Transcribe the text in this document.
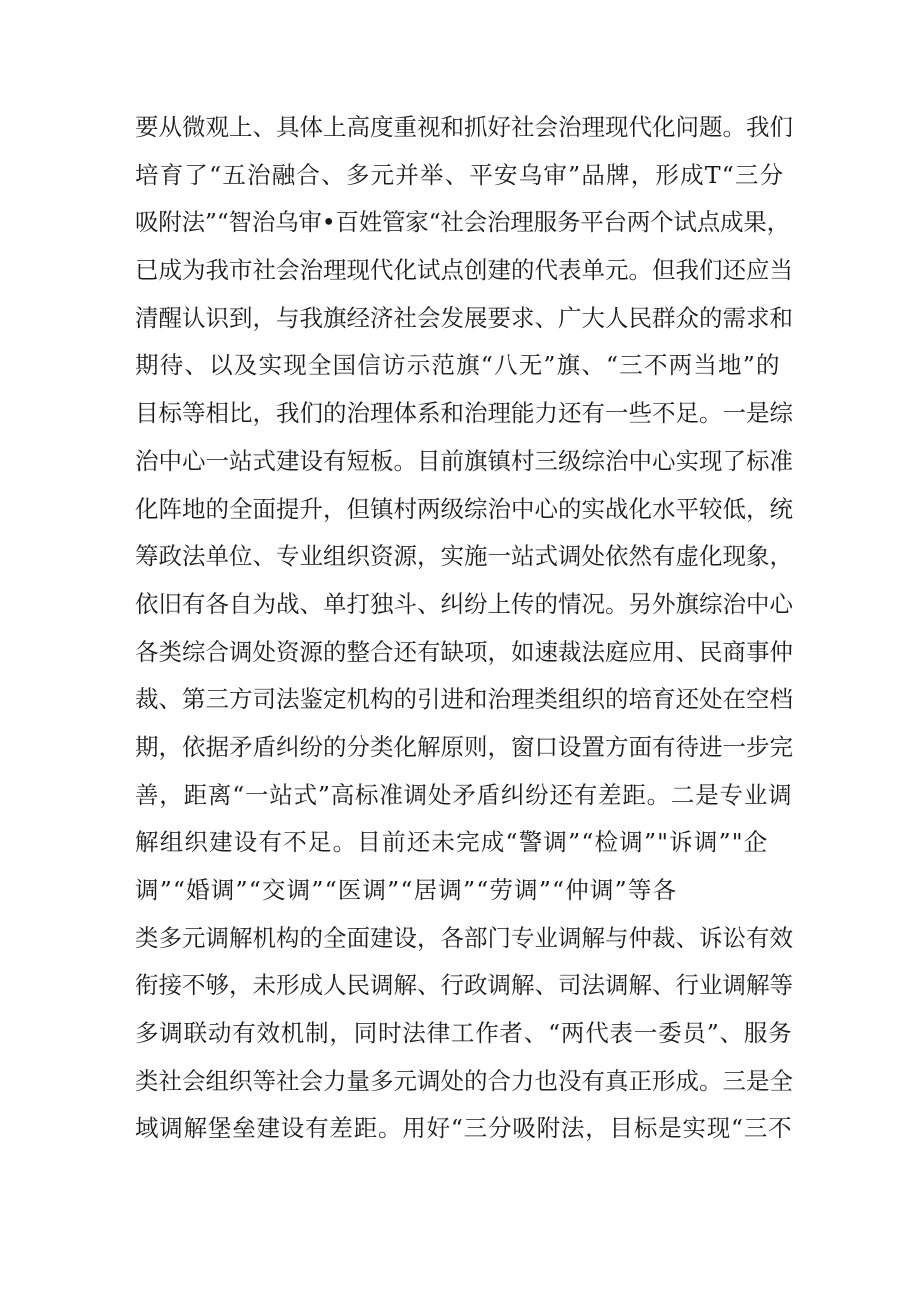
要从微观上、具体上高度重视和抓好社会治理现代化问题。我们
培育了“五治融合、多元并举、平安乌审”品牌，形成T“三分
吸附法”“智治乌审•百姓管家“社会治理服务平台两个试点成果，
已成为我市社会治理现代化试点创建的代表单元。但我们还应当
清醒认识到，与我旗经济社会发展要求、广大人民群众的需求和
期待、以及实现全国信访示范旗“八无”旗、“三不两当地”的
目标等相比，我们的治理体系和治理能力还有一些不足。一是综
治中心一站式建设有短板。目前旗镇村三级综治中心实现了标准
化阵地的全面提升，但镇村两级综治中心的实战化水平较低，统
筹政法单位、专业组织资源，实施一站式调处依然有虚化现象，
依旧有各自为战、单打独斗、纠纷上传的情况。另外旗综治中心
各类综合调处资源的整合还有缺项，如速裁法庭应用、民商事仲
裁、第三方司法鉴定机构的引进和治理类组织的培育还处在空档
期，依据矛盾纠纷的分类化解原则，窗口设置方面有待进一步完
善，距离“一站式”高标准调处矛盾纠纷还有差距。二是专业调
解组织建设有不足。目前还未完成“警调”“检调”"诉调”"企
调”“婚调”“交调”“医调”“居调”“劳调”“仲调”等各
类多元调解机构的全面建设，各部门专业调解与仲裁、诉讼有效
衔接不够，未形成人民调解、行政调解、司法调解、行业调解等
多调联动有效机制，同时法律工作者、“两代表一委员”、服务
类社会组织等社会力量多元调处的合力也没有真正形成。三是全
域调解堡垒建设有差距。用好“三分吸附法，目标是实现“三不
